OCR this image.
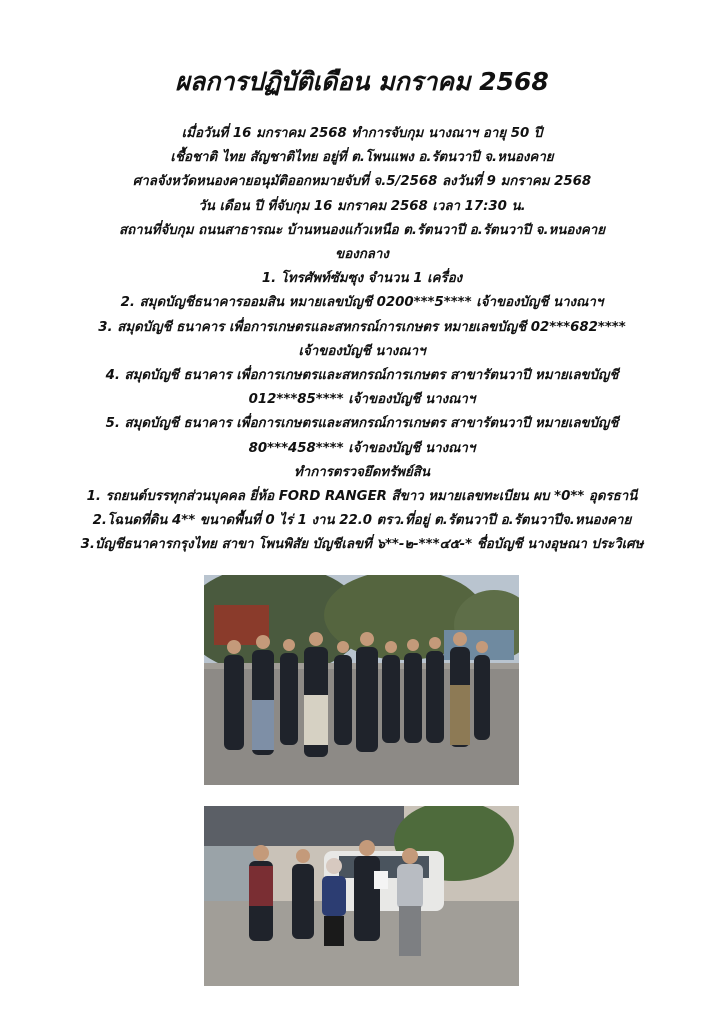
ผลการปฏิบัติเดือน มกราคม 2568
เมื่อวันที่ 16 มกราคม 2568 ทำการจับกุม นางณาฯ อายุ 50 ปี
เชื้อชาติ ไทย สัญชาติไทย อยู่ที่ ต.โพนแพง อ.รัตนวาปี จ.หนองคาย
ศาลจังหวัดหนองคายอนุมัติออกหมายจับที่ จ.5/2568 ลงวันที่ 9 มกราคม 2568
วัน เดือน ปี ที่จับกุม 16 มกราคม 2568 เวลา 17:30 น.
สถานที่จับกุม ถนนสาธารณะ บ้านหนองแก้วเหนือ ต.รัตนวาปี อ.รัตนวาปี จ.หนองคาย
ของกลาง
1. โทรศัพท์ซัมซุง จำนวน 1 เครื่อง
2. สมุดบัญชีธนาคารออมสิน หมายเลขบัญชี 0200***5**** เจ้าของบัญชี นางณาฯ
3. สมุดบัญชี ธนาคาร เพื่อการเกษตรและสหกรณ์การเกษตร หมายเลขบัญชี 02***682****
เจ้าของบัญชี นางณาฯ
4. สมุดบัญชี ธนาคาร เพื่อการเกษตรและสหกรณ์การเกษตร สาขารัตนวาปี หมายเลขบัญชี
012***85**** เจ้าของบัญชี นางณาฯ
5. สมุดบัญชี ธนาคาร เพื่อการเกษตรและสหกรณ์การเกษตร สาขารัตนวาปี หมายเลขบัญชี
80***458**** เจ้าของบัญชี นางณาฯ
ทำการตรวจยึดทรัพย์สิน
1. รถยนต์บรรทุกส่วนบุคคล ยี่ห้อ FORD RANGER สีขาว หมายเลขทะเบียน ผบ *0** อุดรธานี
2.โฉนดที่ดิน 4** ขนาดพื้นที่ 0 ไร่ 1 งาน 22.0 ตรว.ที่อยู่ ต.รัตนวาปี อ.รัตนวาปีจ.หนองคาย
3.บัญชีธนาคารกรุงไทย สาขา โพนพิสัย บัญชีเลขที่ ๖**-๒-***๔๕-* ชื่อบัญชี นางอุษณา ประวิเศษ
